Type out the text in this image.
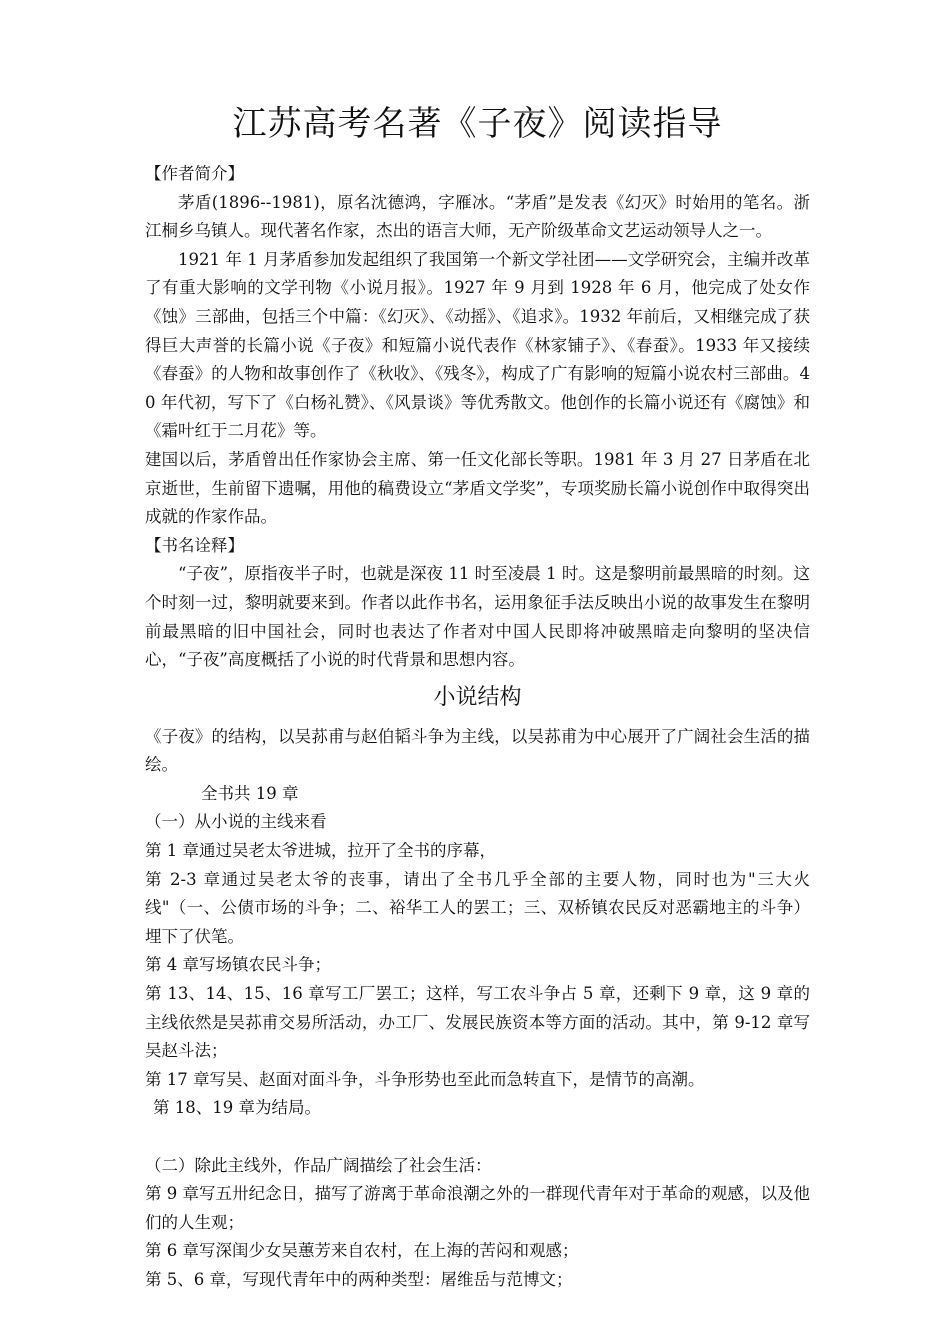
江苏高考名著《子夜》阅读指导

【作者简介】

茅盾(1896--1981)，原名沈德鸿，字雁冰。“茅盾”是发表《幻灭》时始用的笔名。浙江桐乡乌镇人。现代著名作家，杰出的语言大师，无产阶级革命文艺运动领导人之一。

1921 年 1 月茅盾参加发起组织了我国第一个新文学社团——文学研究会，主编并改革了有重大影响的文学刊物《小说月报》。1927 年 9 月到 1928 年 6 月，他完成了处女作《蚀》三部曲，包括三个中篇：《幻灭》、《动摇》、《追求》。1932 年前后，又相继完成了获得巨大声誉的长篇小说《子夜》和短篇小说代表作《林家铺子》、《春蚕》。1933 年又接续《春蚕》的人物和故事创作了《秋收》、《残冬》，构成了广有影响的短篇小说农村三部曲。40 年代初，写下了《白杨礼赞》、《风景谈》等优秀散文。他创作的长篇小说还有《腐蚀》和《霜叶红于二月花》等。

建国以后，茅盾曾出任作家协会主席、第一任文化部长等职。1981 年 3 月 27 日茅盾在北京逝世，生前留下遗嘱，用他的稿费设立“茅盾文学奖”，专项奖励长篇小说创作中取得突出成就的作家作品。

【书名诠释】

“子夜”，原指夜半子时，也就是深夜 11 时至凌晨 1 时。这是黎明前最黑暗的时刻。这个时刻一过，黎明就要来到。作者以此作书名，运用象征手法反映出小说的故事发生在黎明前最黑暗的旧中国社会，同时也表达了作者对中国人民即将冲破黑暗走向黎明的坚决信心，“子夜”高度概括了小说的时代背景和思想内容。

小说结构

《子夜》的结构，以吴荪甫与赵伯韬斗争为主线，以吴荪甫为中心展开了广阔社会生活的描绘。

全书共 19 章

（一）从小说的主线来看

第 1 章通过吴老太爷进城，拉开了全书的序幕，

第 2-3 章通过吴老太爷的丧事，请出了全书几乎全部的主要人物，同时也为"三大火线"（一、公债市场的斗争；二、裕华工人的罢工；三、双桥镇农民反对恶霸地主的斗争）埋下了伏笔。

第 4 章写场镇农民斗争；

第 13、14、15、16 章写工厂罢工；这样，写工农斗争占 5 章，还剩下 9 章，这 9 章的主线依然是吴荪甫交易所活动，办工厂、发展民族资本等方面的活动。其中，第 9-12 章写吴赵斗法；

第 17 章写吴、赵面对面斗争，斗争形势也至此而急转直下，是情节的高潮。

第 18、19 章为结局。

（二）除此主线外，作品广阔描绘了社会生活：

第 9 章写五卅纪念日，描写了游离于革命浪潮之外的一群现代青年对于革命的观感，以及他们的人生观；

第 6 章写深闺少女吴蕙芳来自农村，在上海的苦闷和观感；

第 5、6 章，写现代青年中的两种类型：屠维岳与范博文；
